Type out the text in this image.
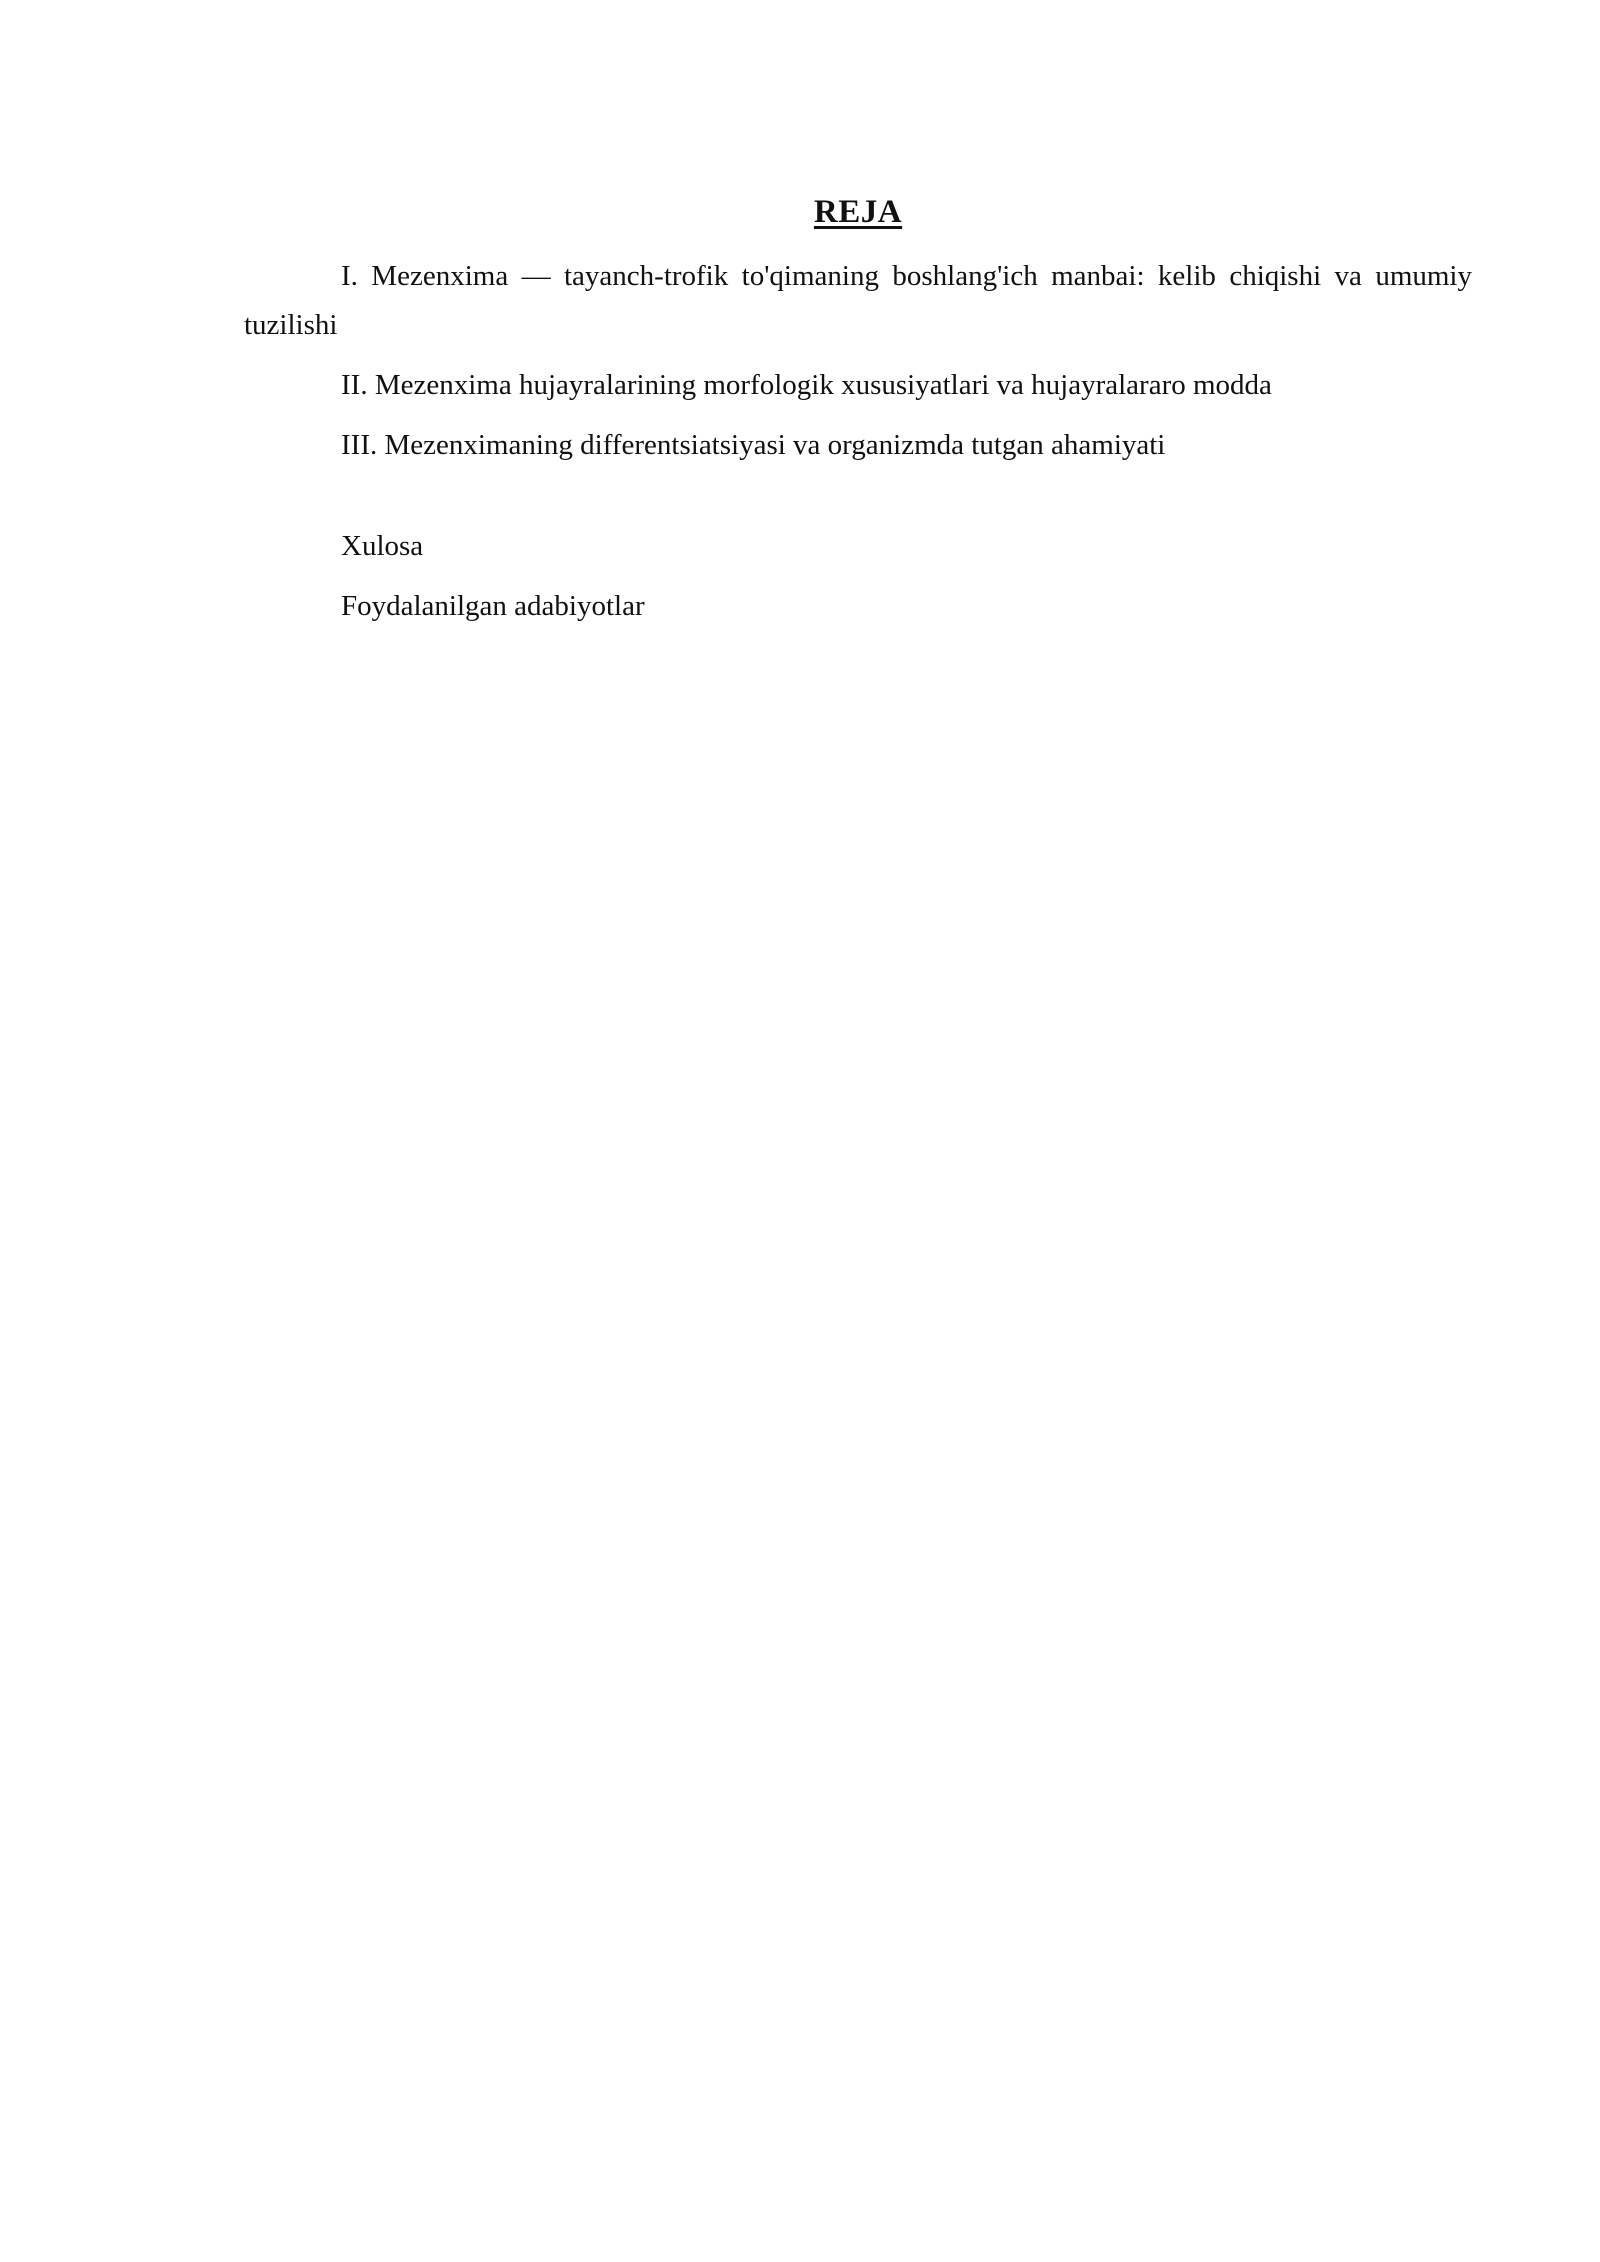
REJA
I. Mezenxima — tayanch-trofik to'qimaning boshlang'ich manbai: kelib chiqishi va umumiy tuzilishi
II. Mezenxima hujayralarining morfologik xususiyatlari va hujayralararo modda
III. Mezenximaning differentsiatsiyasi va organizmda tutgan ahamiyati
Xulosa
Foydalanilgan adabiyotlar
